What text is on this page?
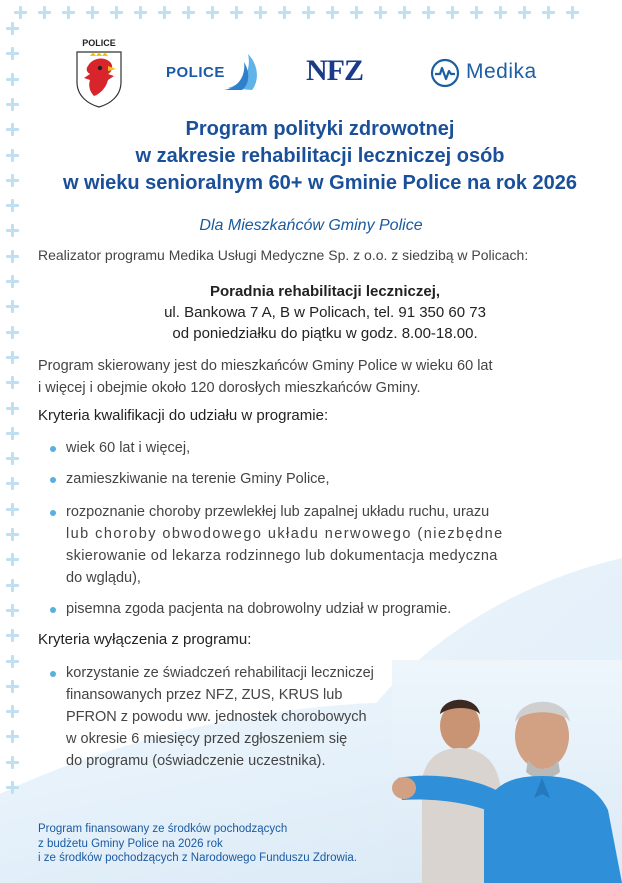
POLICE
POLICE	NFZ	Medika
Program polityki zdrowotnej
w zakresie rehabilitacji leczniczej osób
w wieku senioralnym 60+ w Gminie Police na rok 2026
Dla Mieszkańców Gminy Police
Realizator programu Medika Usługi Medyczne Sp. z o.o. z siedzibą w Policach:
Poradnia rehabilitacji leczniczej,
ul. Bankowa 7 A, B w Policach, tel. 91 350 60 73
od poniedziałku do piątku w godz. 8.00-18.00.
Program skierowany jest do mieszkańców Gminy Police w wieku 60 lat
i więcej i obejmie około 120 dorosłych mieszkańców Gminy.
Kryteria kwalifikacji do udziału w programie:
wiek 60 lat i więcej,
zamieszkiwanie na terenie Gminy Police,
rozpoznanie choroby przewlekłej lub zapalnej układu ruchu, urazu
lub choroby obwodowego układu nerwowego (niezbędne
skierowanie od lekarza rodzinnego lub dokumentacja medyczna
do wglądu),
pisemna zgoda pacjenta na dobrowolny udział w programie.
Kryteria wyłączenia z programu:
korzystanie ze świadczeń rehabilitacji leczniczej
finansowanych przez NFZ, ZUS, KRUS lub
PFRON z powodu ww. jednostek chorobowych
w okresie 6 miesięcy przed zgłoszeniem się
do programu (oświadczenie uczestnika).
Program finansowany ze środków pochodzących
z budżetu Gminy Police na 2026 rok
i ze środków pochodzących z Narodowego Funduszu Zdrowia.
